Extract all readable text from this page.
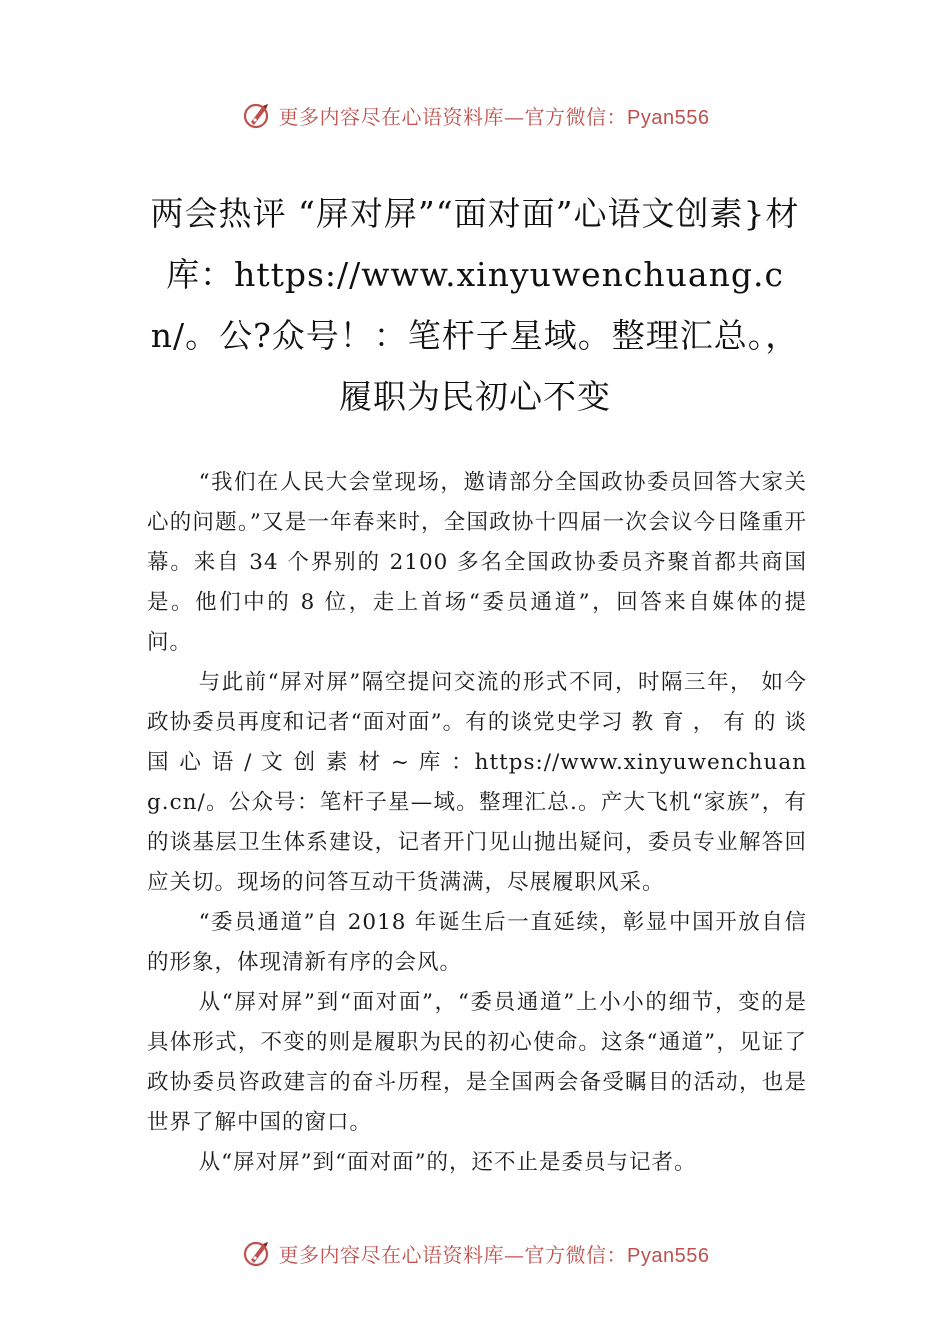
更多内容尽在心语资料库—官方微信：Pyan556
两会热评 “屏对屏”“面对面”心语文创素}材库：https://www.xinyuwenchuang.cn/。公?众号！：笔杆子星域。整理汇总。，履职为民初心不变

“我们在人民大会堂现场，邀请部分全国政协委员回答大家关心的问题。”又是一年春来时，全国政协十四届一次会议今日隆重开幕。来自 34 个界别的 2100 多名全国政协委员齐聚首都共商国是。他们中的 8 位，走上首场“委员通道”，回答来自媒体的提问。

与此前“屏对屏”隔空提问交流的形式不同，时隔三年， 如今政协委员再度和记者“面对面”。有的谈党史学习 教 育 ， 有 的 谈 国 心 语 / 文 创 素 材 ~ 库 ：https://www.xinyuwenchuang.cn/。公众号：笔杆子星—域。整理汇总.。产大飞机“家族”，有的谈基层卫生体系建设，记者开门见山抛出疑问，委员专业解答回应关切。现场的问答互动干货满满，尽展履职风采。

“委员通道”自 2018 年诞生后一直延续，彰显中国开放自信的形象，体现清新有序的会风。

从“屏对屏”到“面对面”，“委员通道”上小小的细节，变的是具体形式，不变的则是履职为民的初心使命。这条“通道”，见证了政协委员咨政建言的奋斗历程，是全国两会备受瞩目的活动，也是世界了解中国的窗口。

从“屏对屏”到“面对面”的，还不止是委员与记者。

更多内容尽在心语资料库—官方微信：Pyan556
